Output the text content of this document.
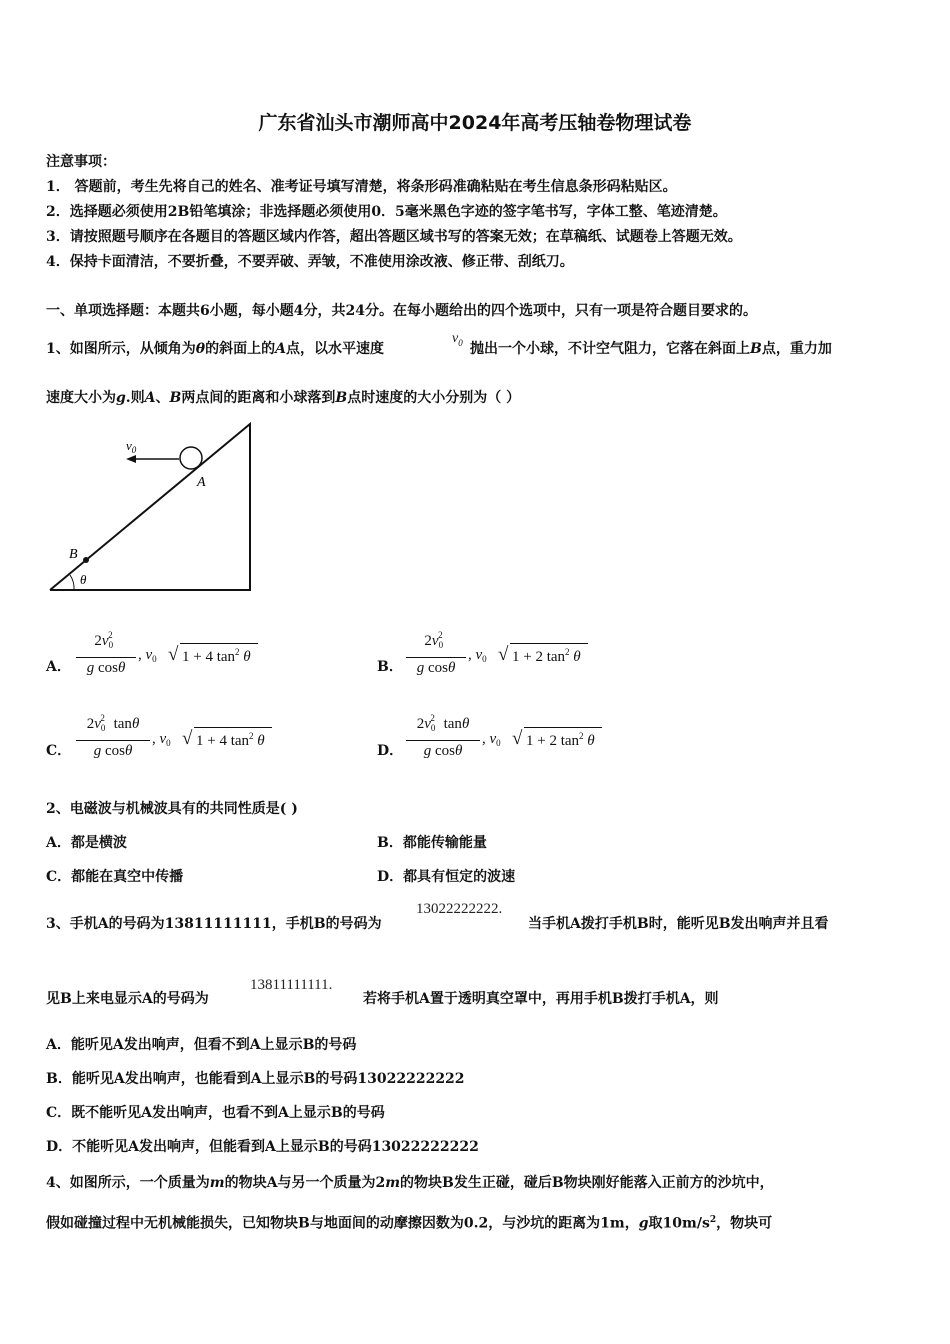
广东省汕头市潮师高中2024年高考压轴卷物理试卷
注意事项：
1． 答题前，考生先将自己的姓名、准考证号填写清楚，将条形码准确粘贴在考生信息条形码粘贴区。
2．选择题必须使用2B铅笔填涂；非选择题必须使用0．5毫米黑色字迹的签字笔书写，字体工整、笔迹清楚。
3．请按照题号顺序在各题目的答题区域内作答，超出答题区域书写的答案无效；在草稿纸、试题卷上答题无效。
4．保持卡面清洁，不要折叠，不要弄破、弄皱，不准使用涂改液、修正带、刮纸刀。
一、单项选择题：本题共6小题，每小题4分，共24分。在每小题给出的四个选项中，只有一项是符合题目要求的。
1、如图所示，从倾角为θ的斜面上的A点，以水平速度
$v_0$ 抛出一个小球，不计空气阻力，它落在斜面上B点，重力加
速度大小为g.则A、B两点间的距离和小球落到B点时速度的大小分别为（ ）
$v_0$
A
B
θ
A．
$2v_0^2$
g cosθ
, $v_0$ √ 1 + 4 $\tan^2 \theta$
B．
$2v_0^2$
g cosθ
, $v_0$ √ 1 + 2 $\tan^2 \theta$
C．
$2v_0^2$ tanθ
g cosθ
, $v_0$ √ 1 + 4 $\tan^2 \theta$
D．
$2v_0^2$ tanθ
g cosθ
, $v_0$ √ 1 + 2 $\tan^2 \theta$
2、电磁波与机械波具有的共同性质是( )
A．都是横波	B．都能传输能量
C．都能在真空中传播	D．都具有恒定的波速
3、手机A的号码为13811111111，手机B的号码为
13022222222.
当手机A拨打手机B时，能听见B发出响声并且看
见B上来电显示A的号码为
13811111111.
若将手机A置于透明真空罩中，再用手机B拨打手机A，则
A．能听见A发出响声，但看不到A上显示B的号码
B．能听见A发出响声，也能看到A上显示B的号码13022222222
C．既不能听见A发出响声，也看不到A上显示B的号码
D．不能听见A发出响声，但能看到A上显示B的号码13022222222
4、如图所示，一个质量为m的物块A与另一个质量为2m的物块B发生正碰，碰后B物块刚好能落入正前方的沙坑中，
假如碰撞过程中无机械能损失，已知物块B与地面间的动摩擦因数为0.2，与沙坑的距离为1m，g取$10m/s^2$，物块可
